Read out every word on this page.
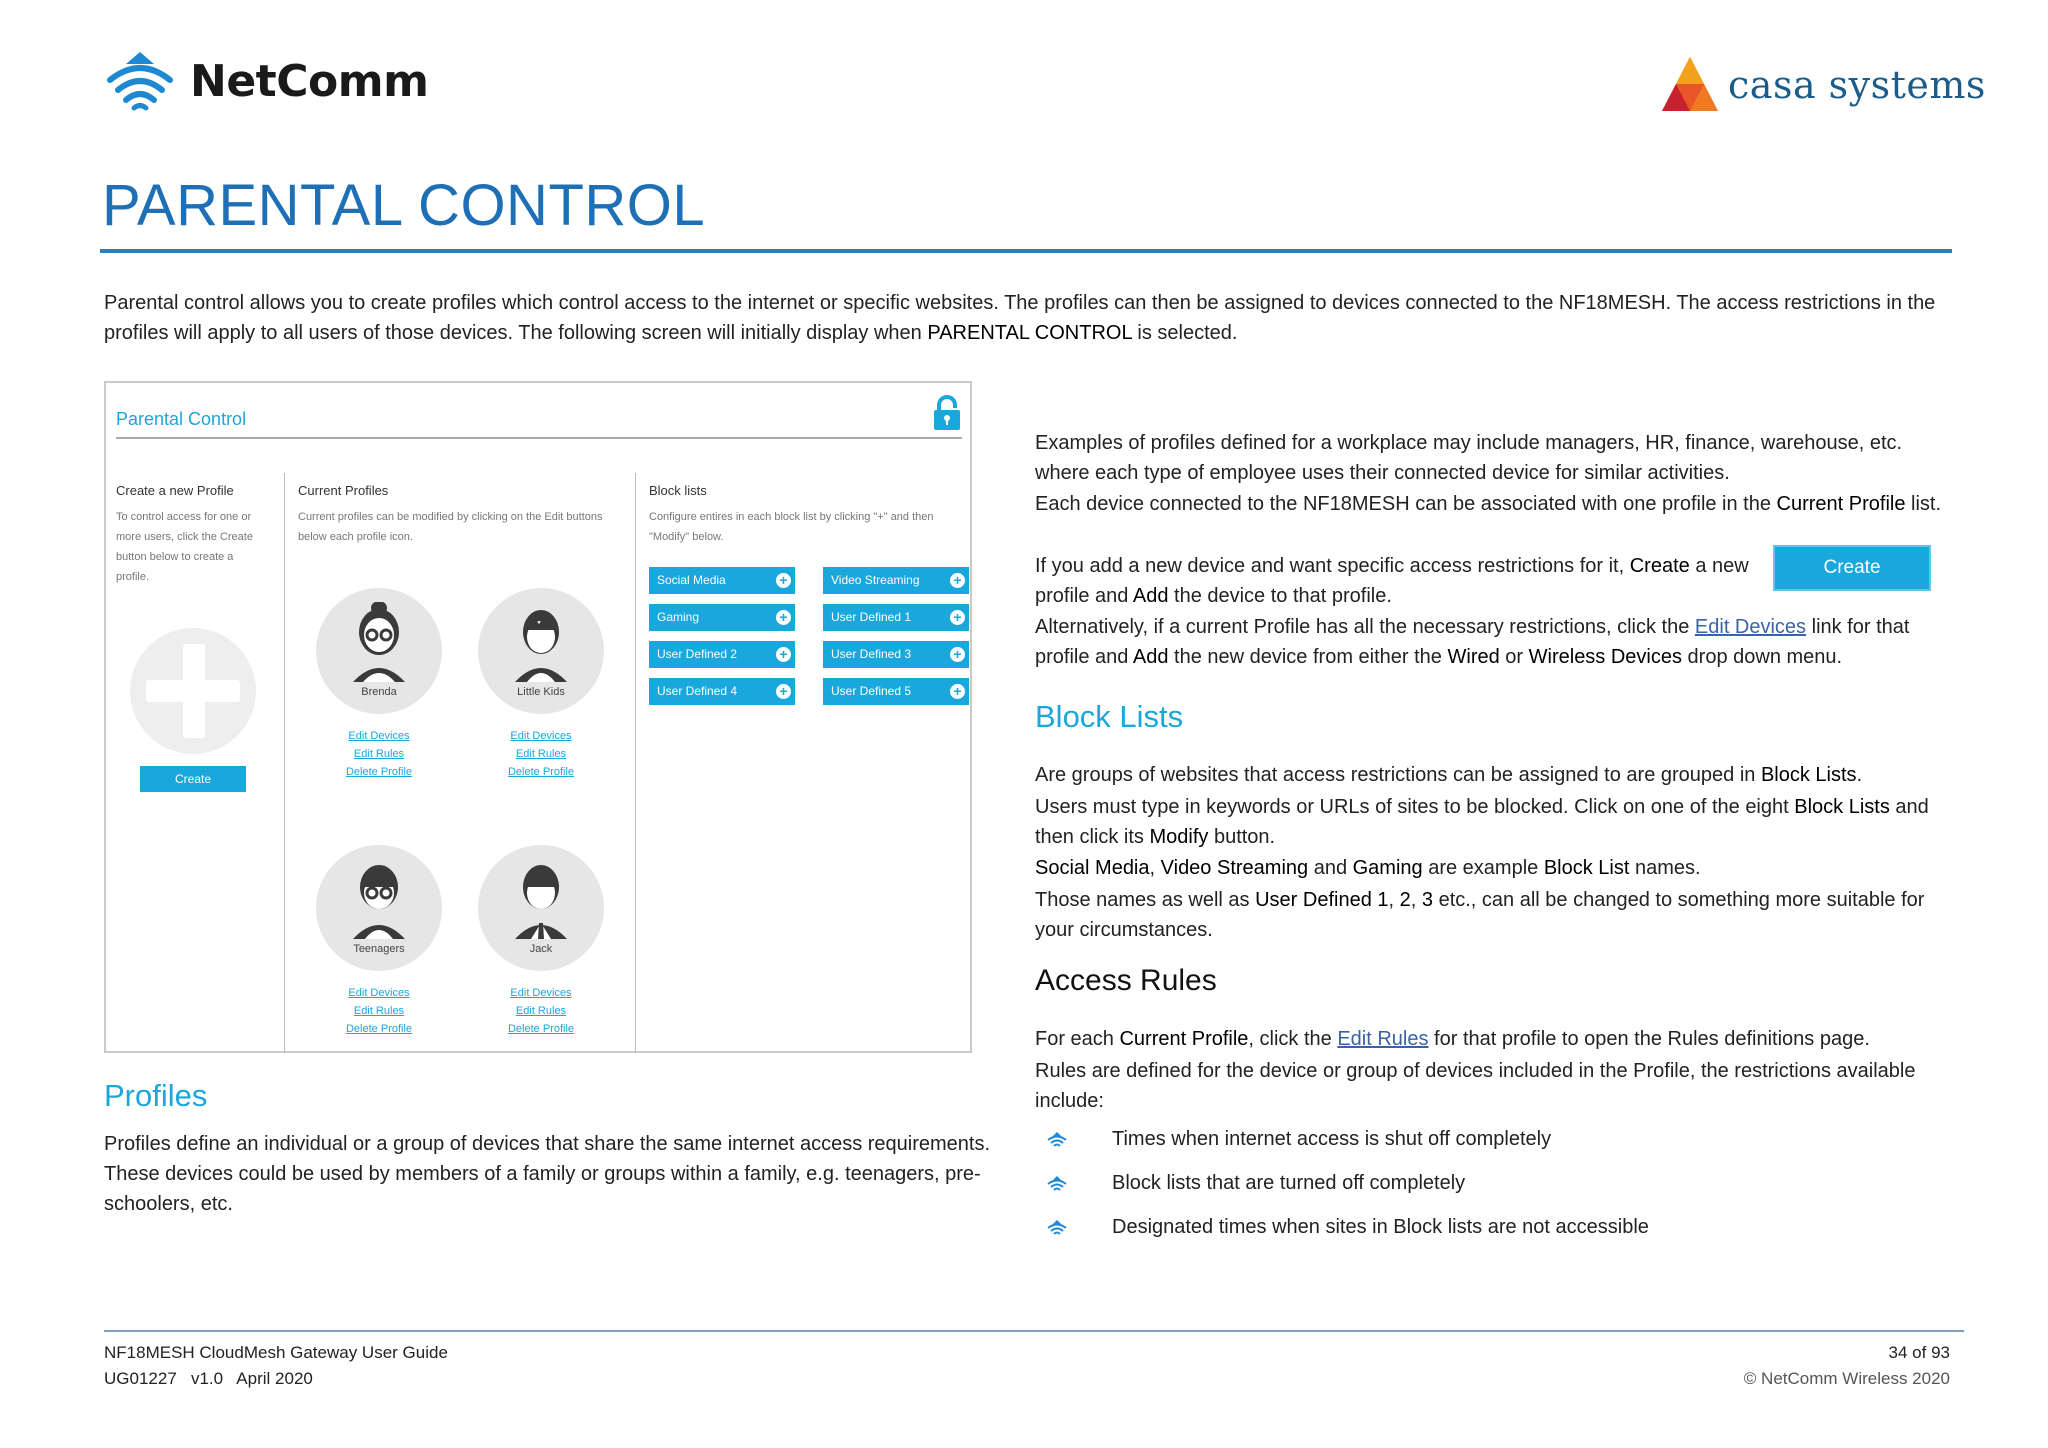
NetComm	casa systems
PARENTAL CONTROL
Parental control allows you to create profiles which control access to the internet or specific websites. The profiles can then be assigned to devices connected to the NF18MESH. The access restrictions in the profiles will apply to all users of those devices. The following screen will initially display when PARENTAL CONTROL is selected.
Parental Control
Create a new Profile
To control access for one or more users, click the Create button below to create a profile.
Create
Current Profiles
Current profiles can be modified by clicking on the Edit buttons below each profile icon.
Brenda
Edit Devices
Edit Rules
Delete Profile
Little Kids
Edit Devices
Edit Rules
Delete Profile
Teenagers
Edit Devices
Edit Rules
Delete Profile
Jack
Edit Devices
Edit Rules
Delete Profile
Block lists
Configure entires in each block list by clicking "+" and then "Modify" below.
Social Media	+	Video Streaming +
Gaming	+	User Defined 1	+
User Defined 2	+	User Defined 3	+
User Defined 4	+	User Defined 5	+
Profiles
Profiles define an individual or a group of devices that share the same internet access requirements. These devices could be used by members of a family or groups within a family, e.g. teenagers, pre-schoolers, etc.
Examples of profiles defined for a workplace may include managers, HR, finance, warehouse, etc. where each type of employee uses their connected device for similar activities.
Each device connected to the NF18MESH can be associated with one profile in the Current Profile list.
If you add a new device and want specific access restrictions for it, Create a new profile and Add the device to that profile.
Create
Alternatively, if a current Profile has all the necessary restrictions, click the Edit Devices link for that profile and Add the new device from either the Wired or Wireless Devices drop down menu.
Block Lists
Are groups of websites that access restrictions can be assigned to are grouped in Block Lists.
Users must type in keywords or URLs of sites to be blocked. Click on one of the eight Block Lists and then click its Modify button.
Social Media, Video Streaming and Gaming are example Block List names.
Those names as well as User Defined 1, 2, 3 etc., can all be changed to something more suitable for your circumstances.
Access Rules
For each Current Profile, click the Edit Rules for that profile to open the Rules definitions page.
Rules are defined for the device or group of devices included in the Profile, the restrictions available include:
Times when internet access is shut off completely
Block lists that are turned off completely
Designated times when sites in Block lists are not accessible
NF18MESH CloudMesh Gateway User Guide
UG01227   v1.0   April 2020
34 of 93
© NetComm Wireless 2020
